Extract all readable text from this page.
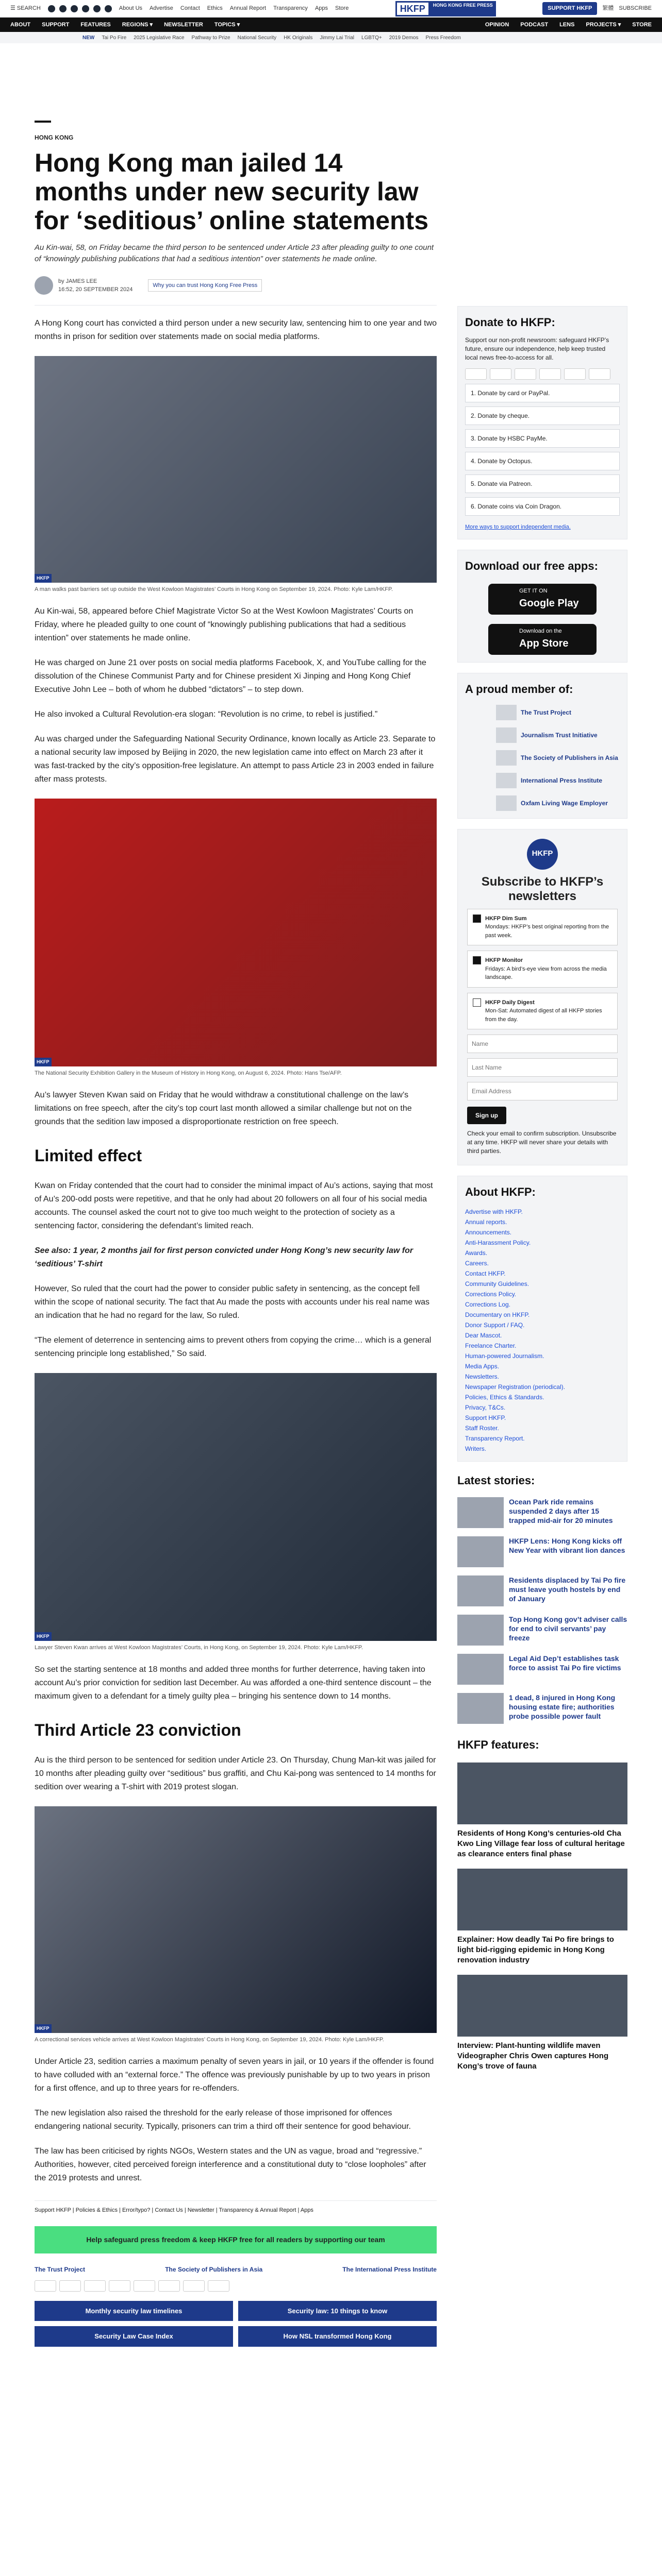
☰ SEARCH	About Us Advertise Contact Ethics Annual Report Transparency Apps Store	HKFP	HONG KONG FREE PRESS
SUPPORT HKFP	繁體 SUBSCRIBE
ABOUT SUPPORT FEATURES REGIONS ▾ NEWSLETTER TOPICS ▾	OPINION PODCAST LENS PROJECTS ▾ STORE
NEW Tai Po Fire 2025 Legislative Race Pathway to Prize National Security HK Originals Jimmy Lai Trial LGBTQ+ 2019 Demos Press Freedom
HONG KONG
Hong Kong man jailed 14 months under new security law for ‘seditious’ online statements
Au Kin-wai, 58, on Friday became the third person to be sentenced under Article 23 after pleading guilty to one count of “knowingly publishing publications that had a seditious intention” over statements he made online.
by JAMES LEE
16:52, 20 SEPTEMBER 2024
Why you can trust Hong Kong Free Press

A Hong Kong court has convicted a third person under a new security law, sentencing him to one year and two months in prison for sedition over statements made on social media platforms.

HKFP
A man walks past barriers set up outside the West Kowloon Magistrates’ Courts in Hong Kong on September 19, 2024. Photo: Kyle Lam/HKFP.

Au Kin-wai, 58, appeared before Chief Magistrate Victor So at the West Kowloon Magistrates’ Courts on Friday, where he pleaded guilty to one count of “knowingly publishing publications that had a seditious intention” over statements he made online.

He was charged on June 21 over posts on social media platforms Facebook, X, and YouTube calling for the dissolution of the Chinese Communist Party and for Chinese president Xi Jinping and Hong Kong Chief Executive John Lee – both of whom he dubbed “dictators” – to step down.

He also invoked a Cultural Revolution-era slogan: “Revolution is no crime, to rebel is justified.”

Au was charged under the Safeguarding National Security Ordinance, known locally as Article 23. Separate to a national security law imposed by Beijing in 2020, the new legislation came into effect on March 23 after it was fast-tracked by the city’s opposition-free legislature. An attempt to pass Article 23 in 2003 ended in failure after mass protests.

HKFP
The National Security Exhibition Gallery in the Museum of History in Hong Kong, on August 6, 2024. Photo: Hans Tse/AFP.

Au’s lawyer Steven Kwan said on Friday that he would withdraw a constitutional challenge on the law’s limitations on free speech, after the city’s top court last month allowed a similar challenge but not on the grounds that the sedition law imposed a disproportionate restriction on free speech.

Limited effect

Kwan on Friday contended that the court had to consider the minimal impact of Au’s actions, saying that most of Au’s 200-odd posts were repetitive, and that he only had about 20 followers on all four of his social media accounts. The counsel asked the court not to give too much weight to the protection of society as a sentencing factor, considering the defendant’s limited reach.

See also: 1 year, 2 months jail for first person convicted under Hong Kong’s new security law for ‘seditious’ T-shirt

However, So ruled that the court had the power to consider public safety in sentencing, as the concept fell within the scope of national security. The fact that Au made the posts with accounts under his real name was an indication that he had no regard for the law, So ruled.

“The element of deterrence in sentencing aims to prevent others from copying the crime… which is a general sentencing principle long established,” So said.

HKFP
Lawyer Steven Kwan arrives at West Kowloon Magistrates’ Courts, in Hong Kong, on September 19, 2024. Photo: Kyle Lam/HKFP.

So set the starting sentence at 18 months and added three months for further deterrence, having taken into account Au’s prior conviction for sedition last December. Au was afforded a one-third sentence discount – the maximum given to a defendant for a timely guilty plea – bringing his sentence down to 14 months.

Third Article 23 conviction

Au is the third person to be sentenced for sedition under Article 23. On Thursday, Chung Man-kit was jailed for 10 months after pleading guilty over “seditious” bus graffiti, and Chu Kai-pong was sentenced to 14 months for sedition over wearing a T-shirt with 2019 protest slogan.

HKFP
A correctional services vehicle arrives at West Kowloon Magistrates’ Courts in Hong Kong, on September 19, 2024. Photo: Kyle Lam/HKFP.

Under Article 23, sedition carries a maximum penalty of seven years in jail, or 10 years if the offender is found to have colluded with an “external force.” The offence was previously punishable by up to two years in prison for a first offence, and up to three years for re-offenders.

The new legislation also raised the threshold for the early release of those imprisoned for offences endangering national security. Typically, prisoners can trim a third off their sentence for good behaviour.

The law has been criticised by rights NGOs, Western states and the UN as vague, broad and “regressive.” Authorities, however, cited perceived foreign interference and a constitutional duty to “close loopholes” after the 2019 protests and unrest.

Support HKFP | Policies & Ethics | Error/typo? | Contact Us | Newsletter | Transparency & Annual Report | Apps
Help safeguard press freedom & keep HKFP free for all readers by supporting our team
The Trust Project	The Society of Publishers in Asia	The International Press Institute
Monthly security law timelines	Security law: 10 things to know
Security Law Case Index	How NSL transformed Hong Kong
Donate to HKFP:
Support our non-profit newsroom: safeguard HKFP’s future, ensure our independence, help keep trusted local news free-to-access for all.
1. Donate by card or PayPal.
2. Donate by cheque.
3. Donate by HSBC PayMe.
4. Donate by Octopus.
5. Donate via Patreon.
6. Donate coins via Coin Dragon.
More ways to support independent media.
Download our free apps:
GET IT ON
Google Play
Download on the
App Store
A proud member of:
The Trust Project
Journalism Trust Initiative
The Society of Publishers in Asia
International Press Institute
Oxfam Living Wage Employer
HKFP
Subscribe to HKFP’s newsletters
HKFP Dim Sum
Mondays: HKFP’s best original reporting from the past week.
HKFP Monitor
Fridays: A bird’s-eye view from across the media landscape.
HKFP Daily Digest
Mon-Sat: Automated digest of all HKFP stories from the day.
Name
Last Name
Email Address
Sign up
Check your email to confirm subscription. Unsubscribe at any time. HKFP will never share your details with third parties.
About HKFP:
Advertise with HKFP.
Annual reports.
Announcements.
Anti-Harassment Policy.
Awards.
Careers.
Contact HKFP.
Community Guidelines.
Corrections Policy.
Corrections Log.
Documentary on HKFP.
Donor Support / FAQ.
Dear Mascot.
Freelance Charter.
Human-powered Journalism.
Media Apps.
Newsletters.
Newspaper Registration (periodical).
Policies, Ethics & Standards.
Privacy, T&Cs.
Support HKFP.
Staff Roster.
Transparency Report.
Writers.
Latest stories:
Ocean Park ride remains suspended 2 days after 15 trapped mid-air for 20 minutes
HKFP Lens: Hong Kong kicks off New Year with vibrant lion dances
Residents displaced by Tai Po fire must leave youth hostels by end of January
Top Hong Kong gov’t adviser calls for end to civil servants’ pay freeze
Legal Aid Dep’t establishes task force to assist Tai Po fire victims
1 dead, 8 injured in Hong Kong housing estate fire; authorities probe possible power fault
HKFP features:
Residents of Hong Kong’s centuries-old Cha Kwo Ling Village fear loss of cultural heritage as clearance enters final phase
Explainer: How deadly Tai Po fire brings to light bid-rigging epidemic in Hong Kong renovation industry
Interview: Plant-hunting wildlife maven Videographer Chris Owen captures Hong Kong’s trove of fauna
